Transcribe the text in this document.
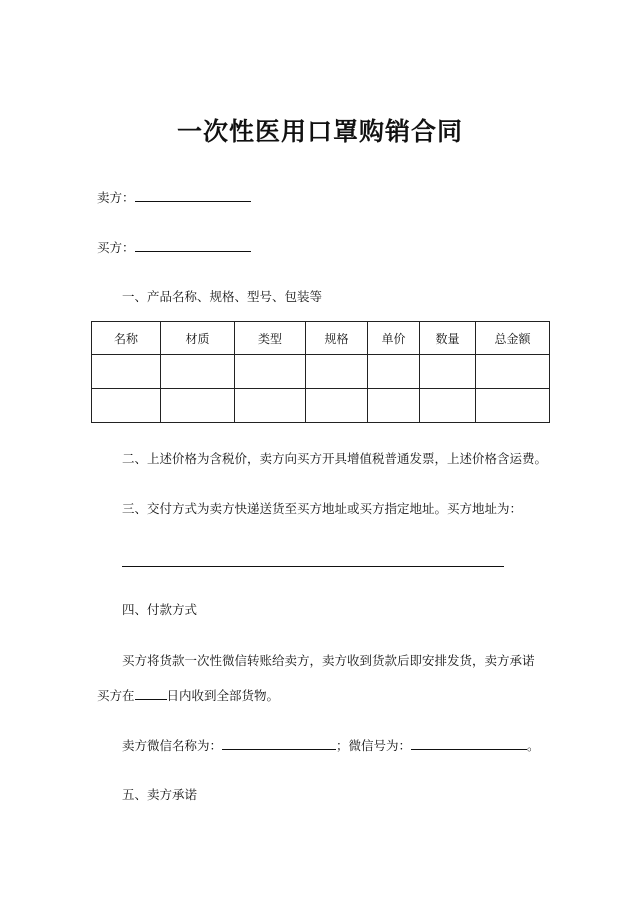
一次性医用口罩购销合同
卖方：
买方：
一、产品名称、规格、型号、包装等
名称	材质	类型	规格	单价	数量	总金额

二、上述价格为含税价，卖方向买方开具增值税普通发票，上述价格含运费。
三、交付方式为卖方快递送货至买方地址或买方指定地址。买方地址为：
四、付款方式
买方将货款一次性微信转账给卖方，卖方收到货款后即安排发货，卖方承诺
买方在	日内收到全部货物。
卖方微信名称为：	；微信号为：	。
五、卖方承诺
